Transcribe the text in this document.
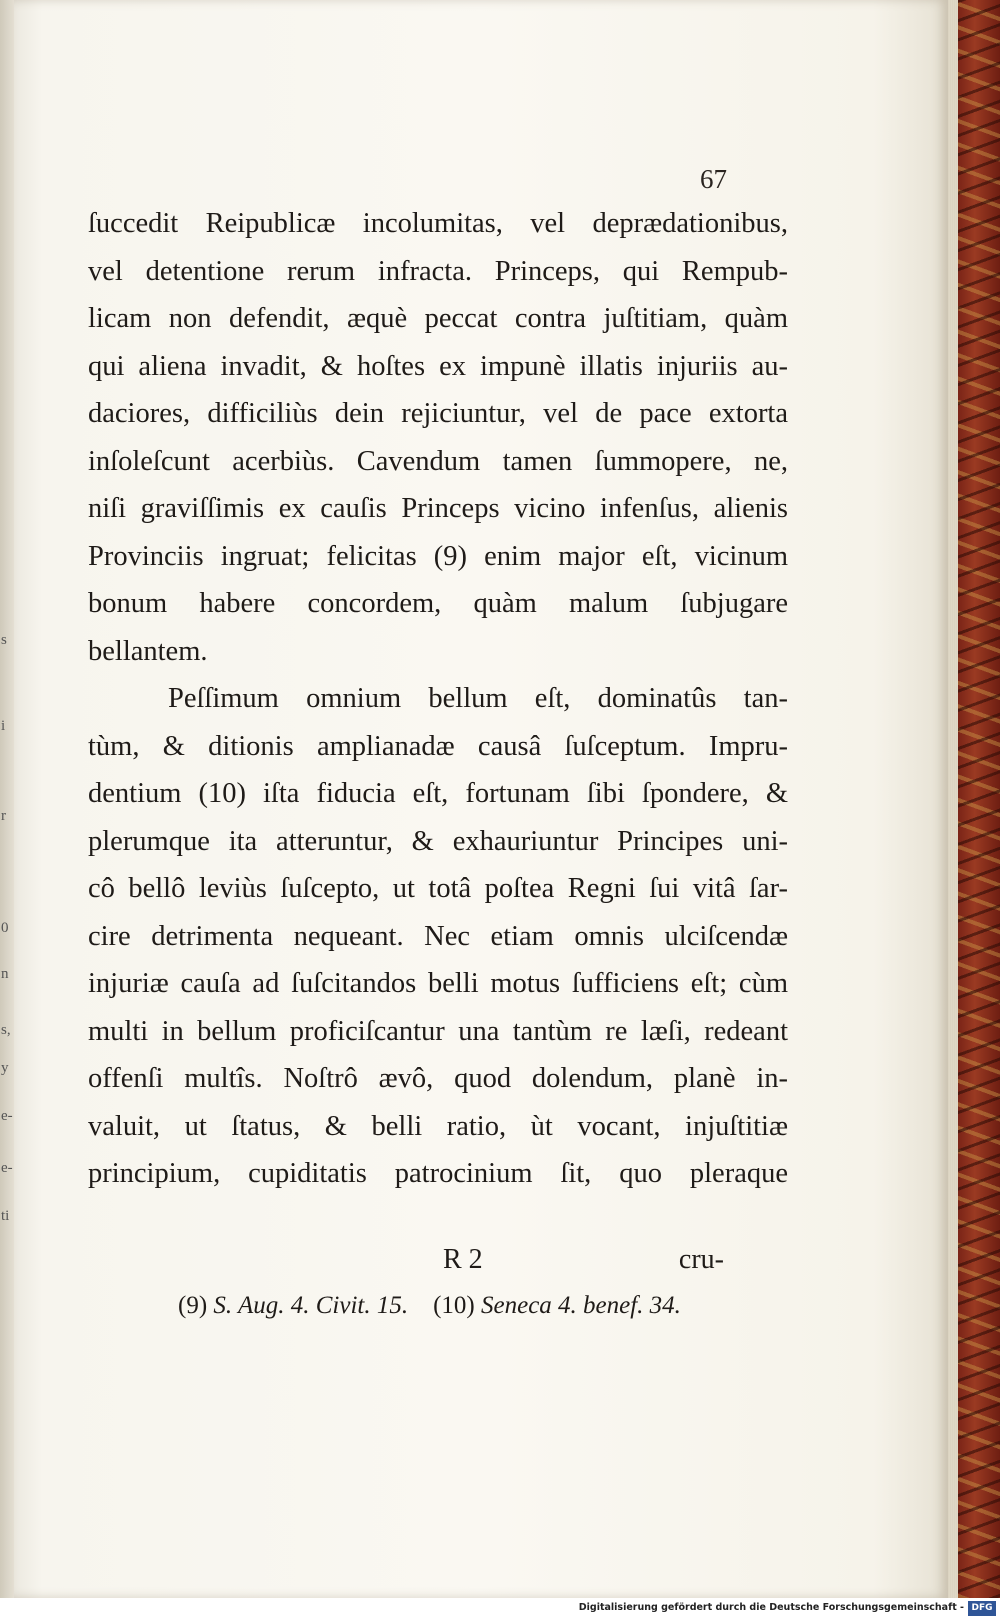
s
i
r
0
n
s,
y
e-
e-
ti
67
ſuccedit Reipublicæ incolumitas, vel deprædationibus,
vel detentione rerum infracta. Princeps, qui Rempub-
licam non defendit, æquè peccat contra juſtitiam, quàm
qui aliena invadit, & hoſtes ex impunè illatis injuriis au-
daciores, difficiliùs dein rejiciuntur, vel de pace extorta
inſoleſcunt acerbiùs. Cavendum tamen ſummopere, ne,
niſi graviſſimis ex cauſis Princeps vicino infenſus, alienis
Provinciis ingruat; felicitas (9) enim major eſt, vicinum
bonum habere concordem, quàm malum ſubjugare
bellantem.
Peſſimum omnium bellum eſt, dominatûs tan-
tùm, & ditionis amplianadæ causâ ſuſceptum. Impru-
dentium (10) iſta fiducia eſt, fortunam ſibi ſpondere, &
plerumque ita atteruntur, & exhauriuntur Principes uni-
cô bellô leviùs ſuſcepto, ut totâ poſtea Regni ſui vitâ ſar-
cire detrimenta nequeant. Nec etiam omnis ulciſcendæ
injuriæ cauſa ad ſuſcitandos belli motus ſufficiens eſt; cùm
multi in bellum proficiſcantur una tantùm re læſi, redeant
offenſi multîs. Noſtrô ævô, quod dolendum, planè in-
valuit, ut ſtatus, & belli ratio, ùt vocant, injuſtitiæ
principium, cupiditatis patrocinium ſit, quo pleraque
R 2	cru-
(9) S. Aug. 4. Civit. 15. (10) Seneca 4. benef. 34.
Digitalisierung gefördert durch die Deutsche Forschungsgemeinschaft - DFG
